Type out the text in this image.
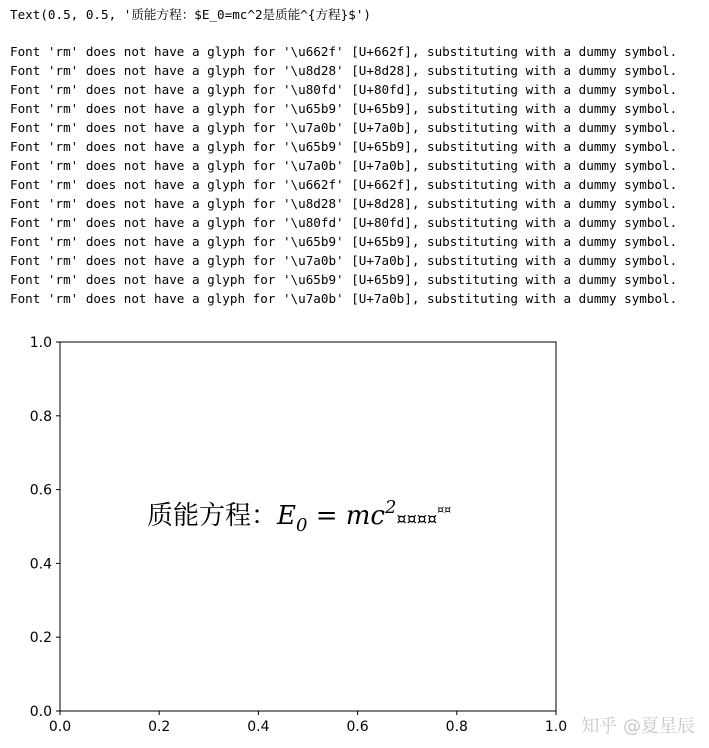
Text(0.5, 0.5, '质能方程：$E_0=mc^2是质能^{方程}$')
Font 'rm' does not have a glyph for '\u662f' [U+662f], substituting with a dummy symbol.
Font 'rm' does not have a glyph for '\u8d28' [U+8d28], substituting with a dummy symbol.
Font 'rm' does not have a glyph for '\u80fd' [U+80fd], substituting with a dummy symbol.
Font 'rm' does not have a glyph for '\u65b9' [U+65b9], substituting with a dummy symbol.
Font 'rm' does not have a glyph for '\u7a0b' [U+7a0b], substituting with a dummy symbol.
Font 'rm' does not have a glyph for '\u65b9' [U+65b9], substituting with a dummy symbol.
Font 'rm' does not have a glyph for '\u7a0b' [U+7a0b], substituting with a dummy symbol.
Font 'rm' does not have a glyph for '\u662f' [U+662f], substituting with a dummy symbol.
Font 'rm' does not have a glyph for '\u8d28' [U+8d28], substituting with a dummy symbol.
Font 'rm' does not have a glyph for '\u80fd' [U+80fd], substituting with a dummy symbol.
Font 'rm' does not have a glyph for '\u65b9' [U+65b9], substituting with a dummy symbol.
Font 'rm' does not have a glyph for '\u7a0b' [U+7a0b], substituting with a dummy symbol.
Font 'rm' does not have a glyph for '\u65b9' [U+65b9], substituting with a dummy symbol.
Font 'rm' does not have a glyph for '\u7a0b' [U+7a0b], substituting with a dummy symbol.
0.0	0.2	0.4	0.6	0.8	1.0
0.0
0.2
0.4
0.6
0.8
1.0
质能方程：$E_0 = mc^2_{¤¤¤¤}^{¤¤}$
知乎 @夏星辰
